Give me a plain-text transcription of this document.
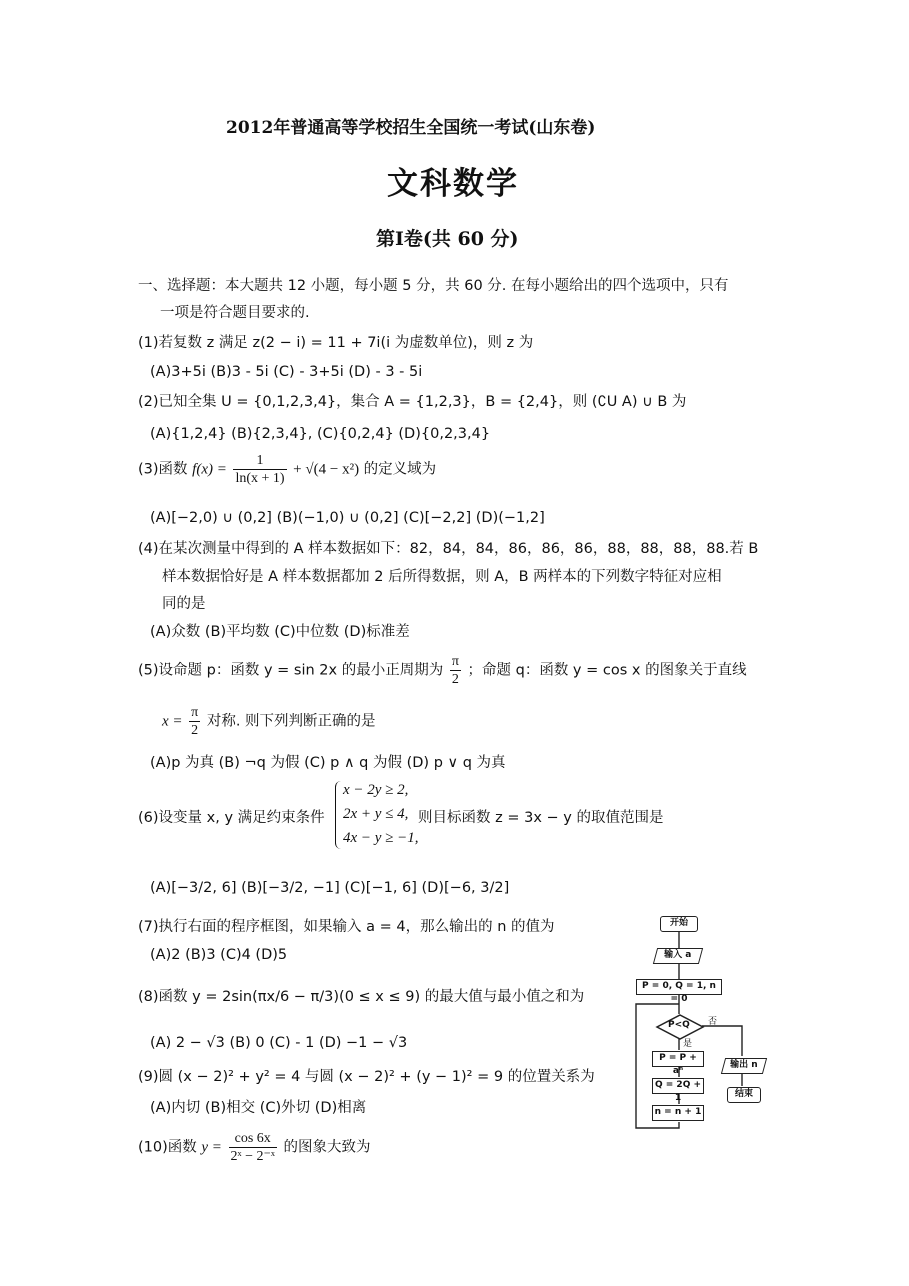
2012年普通高等学校招生全国统一考试(山东卷)
文科数学
第Ⅰ卷(共 60 分)
一、选择题：本大题共 12 小题，每小题 5 分，共 60 分. 在每小题给出的四个选项中，只有
一项是符合题目要求的.
(1)若复数 z 满足 z(2 − i) = 11 + 7i(i 为虚数单位)，则 z 为
(A)3+5i (B)3 - 5i (C) - 3+5i (D) - 3 - 5i
(2)已知全集 U = {0,1,2,3,4}，集合 A = {1,2,3}，B = {2,4}，则 (∁U A) ∪ B 为
(A){1,2,4} (B){2,3,4}, (C){0,2,4} (D){0,2,3,4}
(3)函数 $f(x) = \frac{1}{\ln(x + 1)} + √(4 - x^2)$ 的定义域为
(A)[−2,0) ∪ (0,2] (B)(−1,0) ∪ (0,2] (C)[−2,2] (D)(−1,2]
(4)在某次测量中得到的 A 样本数据如下：82，84，84，86，86，86，88，88，88，88.若 B
样本数据恰好是 A 样本数据都加 2 后所得数据，则 A，B 两样本的下列数字特征对应相
同的是
(A)众数 (B)平均数 (C)中位数 (D)标准差
(5)设命题 p：函数 y = sin 2x 的最小正周期为 $\frac{\pi}{2}$ ；命题 q：函数 y = cos x 的图象关于直线
$x = \frac{\pi}{2}$ 对称. 则下列判断正确的是
(A)p 为真 (B) ¬q 为假 (C) p ∧ q 为假 (D) p ∨ q 为真
(6)设变量 x, y 满足约束条件
x − 2y ≥ 2,
2x + y ≤ 4,
4x − y ≥ −1,
则目标函数 z = 3x − y 的取值范围是
(A)[−3/2, 6] (B)[−3/2, −1] (C)[−1, 6] (D)[−6, 3/2]
(7)执行右面的程序框图，如果输入 a = 4，那么输出的 n 的值为
(A)2 (B)3 (C)4 (D)5
(8)函数 y = 2sin(πx/6 − π/3)(0 ≤ x ≤ 9) 的最大值与最小值之和为
(A) 2 − √3 (B) 0 (C) - 1 (D) −1 − √3
(9)圆 (x − 2)² + y² = 4 与圆 (x − 2)² + (y − 1)² = 9 的位置关系为
(A)内切 (B)相交 (C)外切 (D)相离
(10)函数 $y = \frac{\cos 6x}{\text{2ˣ − 2⁻ˣ}}$ 的图象大致为
开始
输入 a
P = 0, Q = 1, n = 0
P<Q 否
是
P = P + aⁿ
Q = 2Q + 1
n = n + 1
输出 n
结束
